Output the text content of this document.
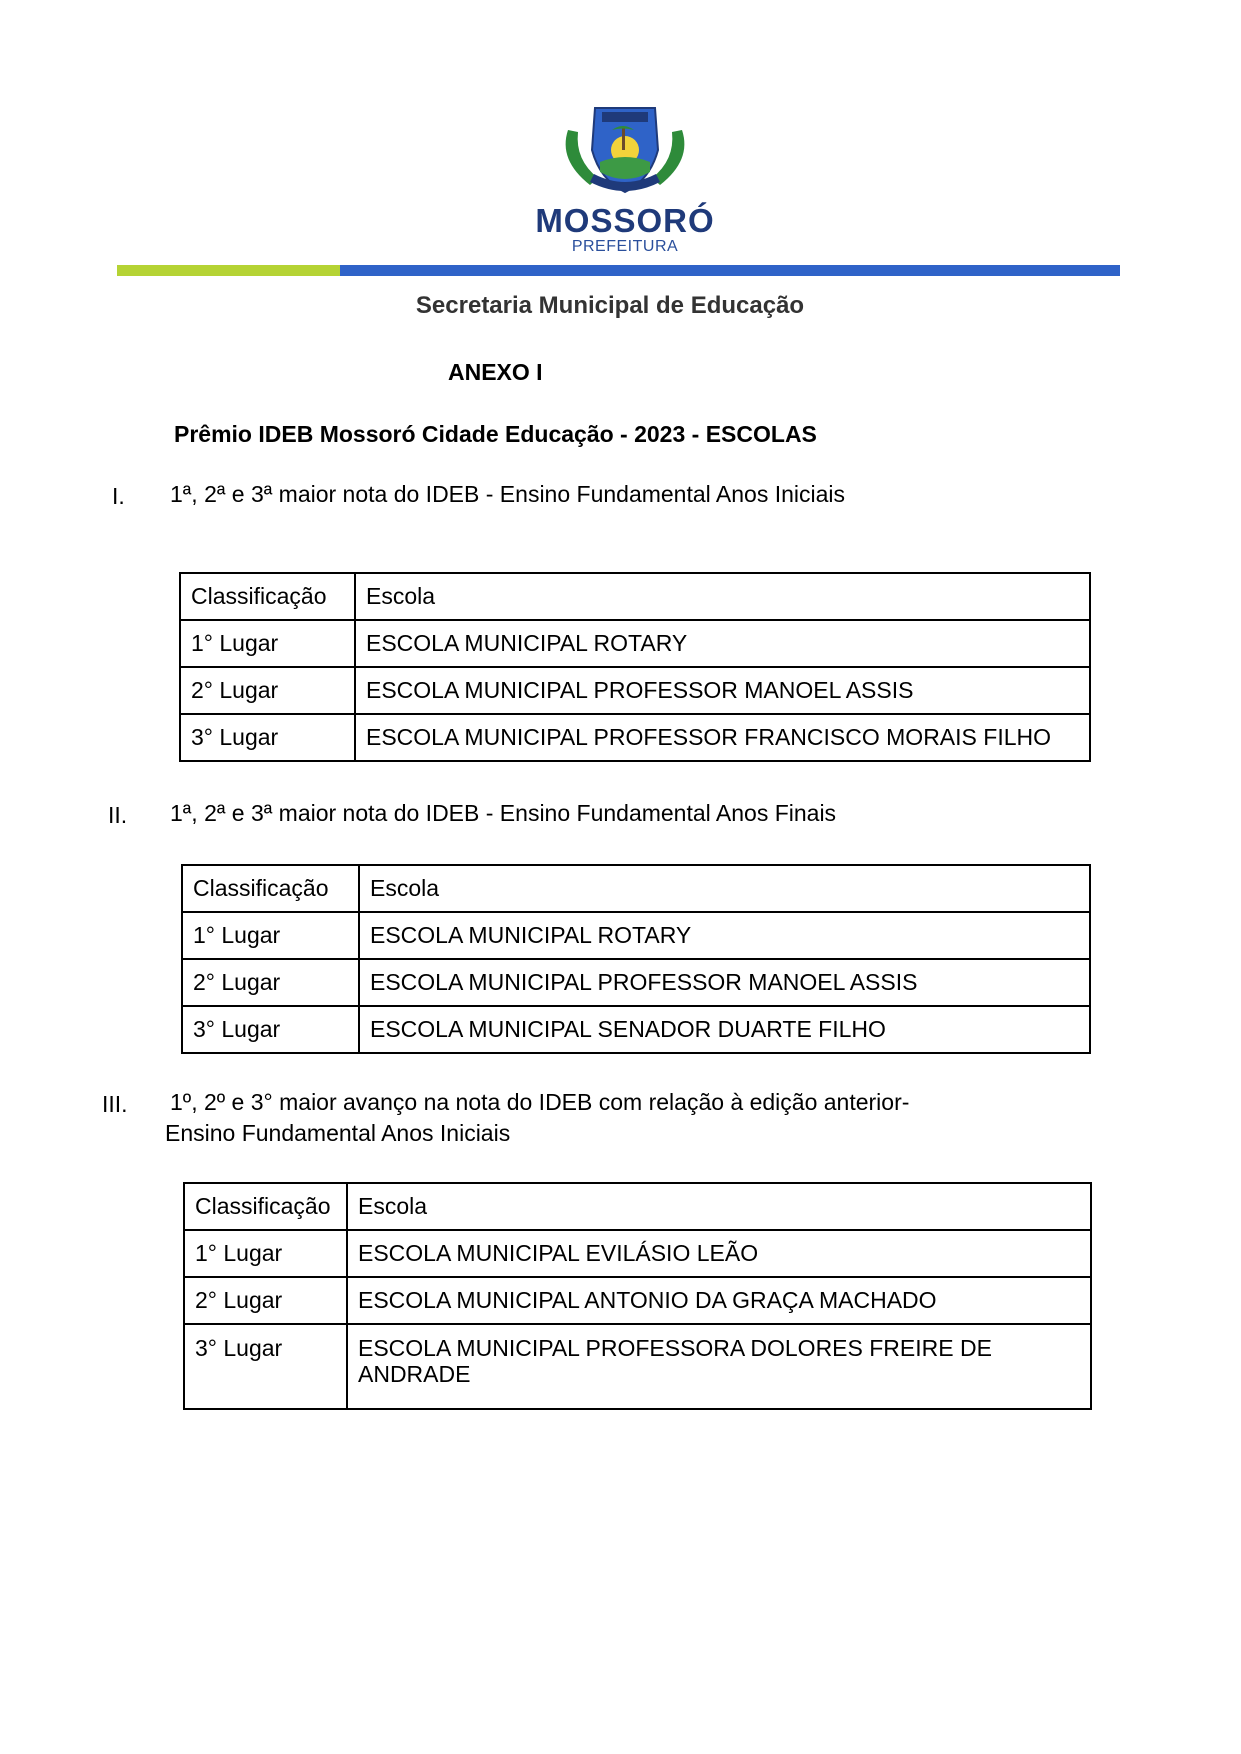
MOSSORÓ
PREFEITURA
Secretaria Municipal de Educação
ANEXO I
Prêmio IDEB Mossoró Cidade Educação - 2023 - ESCOLAS
I. 1ª, 2ª e 3ª maior nota do IDEB - Ensino Fundamental Anos Iniciais
Classificação	Escola
1° Lugar	ESCOLA MUNICIPAL ROTARY
2° Lugar	ESCOLA MUNICIPAL PROFESSOR MANOEL ASSIS
3° Lugar	ESCOLA MUNICIPAL PROFESSOR FRANCISCO MORAIS FILHO
II. 1ª, 2ª e 3ª maior nota do IDEB - Ensino Fundamental Anos Finais
Classificação	Escola
1° Lugar	ESCOLA MUNICIPAL ROTARY
2° Lugar	ESCOLA MUNICIPAL PROFESSOR MANOEL ASSIS
3° Lugar	ESCOLA MUNICIPAL SENADOR DUARTE FILHO
III. 1º, 2º e 3° maior avanço na nota do IDEB com relação à edição anterior-
Ensino Fundamental Anos Iniciais
Classificação	Escola
1° Lugar	ESCOLA MUNICIPAL EVILÁSIO LEÃO
2° Lugar	ESCOLA MUNICIPAL ANTONIO DA GRAÇA MACHADO
3° Lugar	ESCOLA MUNICIPAL PROFESSORA DOLORES FREIRE DE ANDRADE
